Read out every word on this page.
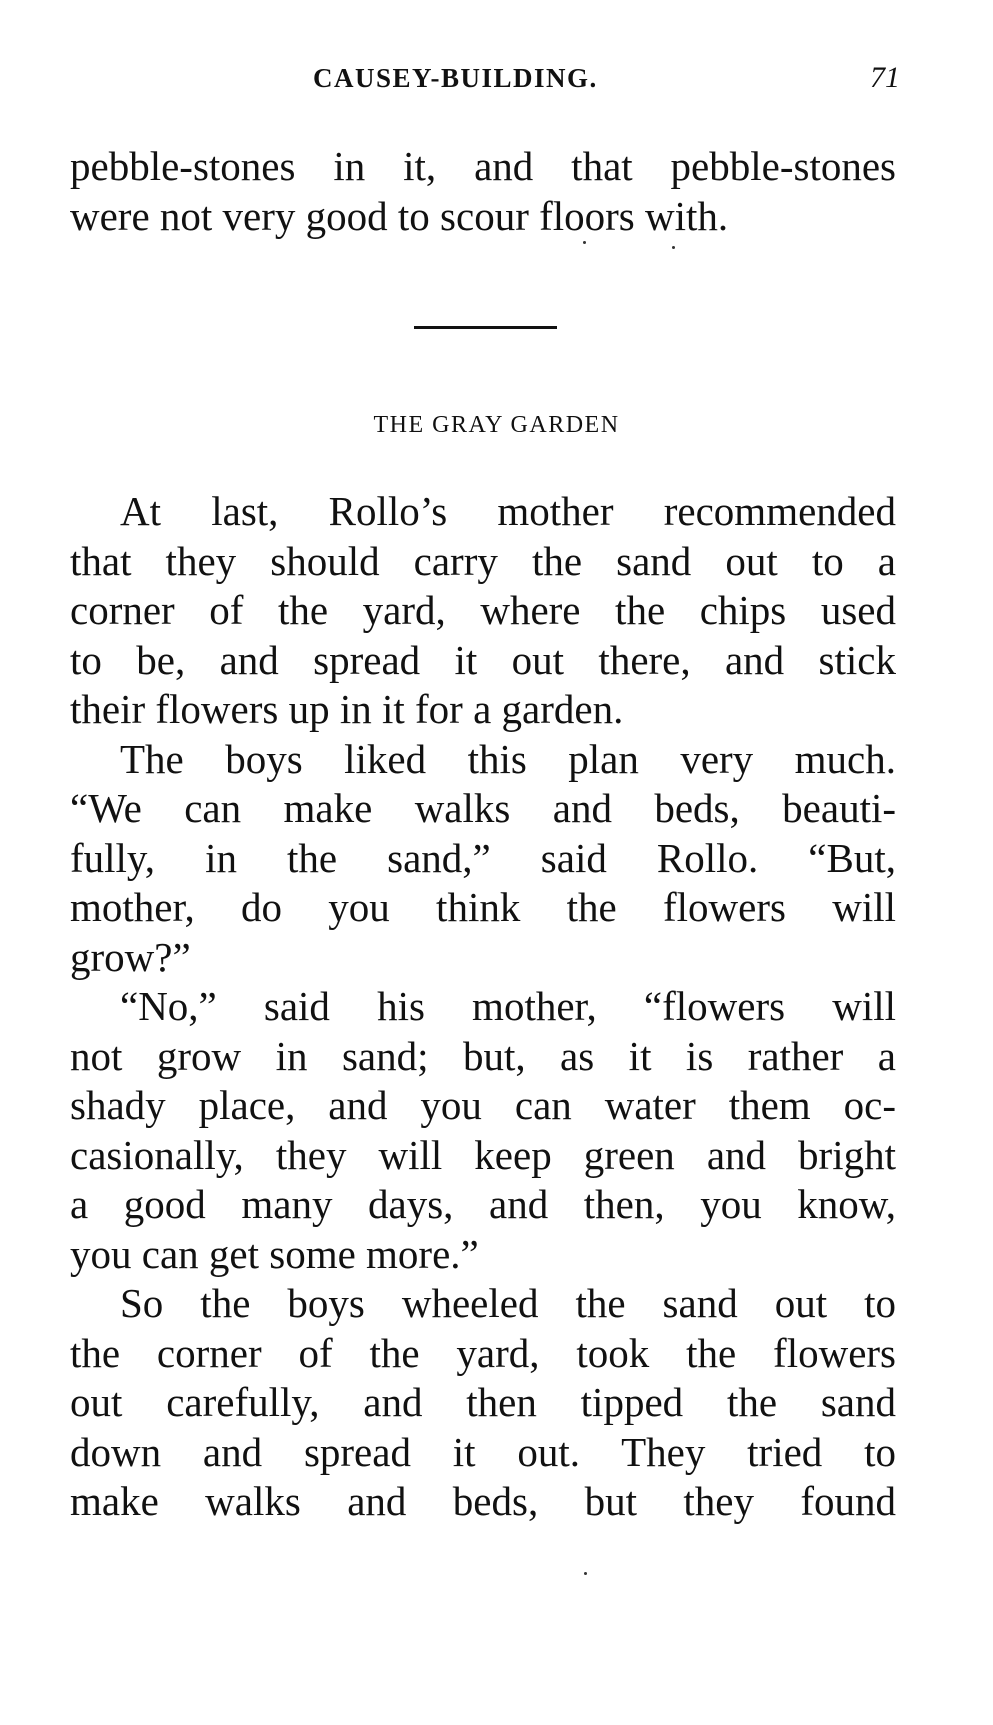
CAUSEY-BUILDING.	71
pebble-stones in it, and that pebble-stones
were not very good to scour floors with.
THE GRAY GARDEN
At last, Rollo’s mother recommended
that they should carry the sand out to a
corner of the yard, where the chips used
to be, and spread it out there, and stick
their flowers up in it for a garden.
The boys liked this plan very much.
“We can make walks and beds, beauti-
fully, in the sand,” said Rollo. “But,
mother, do you think the flowers will
grow?”
“No,” said his mother, “flowers will
not grow in sand; but, as it is rather a
shady place, and you can water them oc-
casionally, they will keep green and bright
a good many days, and then, you know,
you can get some more.”
So the boys wheeled the sand out to
the corner of the yard, took the flowers
out carefully, and then tipped the sand
down and spread it out. They tried to
make walks and beds, but they found
